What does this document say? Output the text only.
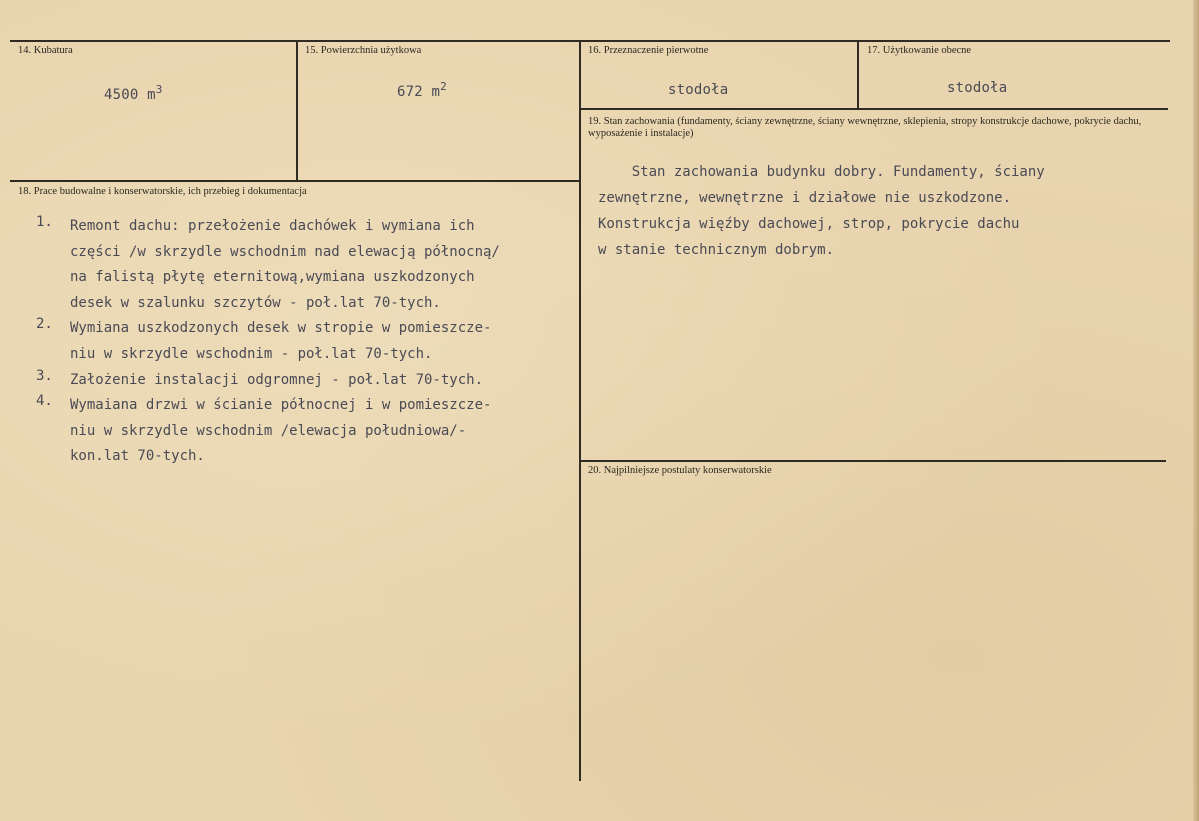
14. Kubatura
4500 $m^3$
15. Powierzchnia użytkowa
672 $m^2$
16. Przeznaczenie pierwotne
stodoła
17. Użytkowanie obecne
stodoła
19. Stan zachowania (fundamenty, ściany zewnętrzne, ściany wewnętrzne, sklepienia, stropy konstrukcje dachowe, pokrycie dachu, wyposażenie i instalacje)
Stan zachowania budynku dobry. Fundamenty, ściany
zewnętrzne, wewnętrzne i działowe nie uszkodzone.
Konstrukcja więźby dachowej, strop, pokrycie dachu
w stanie technicznym dobrym.
18. Prace budowalne i konserwatorskie, ich przebieg i dokumentacja
1. Remont dachu: przełożenie dachówek i wymiana ich
części /w skrzydle wschodnim nad elewacją północną/
na falistą płytę eternitową,wymiana uszkodzonych
desek w szalunku szczytów - poł.lat 70-tych.
2. Wymiana uszkodzonych desek w stropie w pomieszcze-
niu w skrzydle wschodnim - poł.lat 70-tych.
3. Założenie instalacji odgromnej - poł.lat 70-tych.
4. Wymaiana drzwi w ścianie północnej i w pomieszcze-
niu w skrzydle wschodnim /elewacja południowa/-
kon.lat 70-tych.
20. Najpilniejsze postulaty konserwatorskie
